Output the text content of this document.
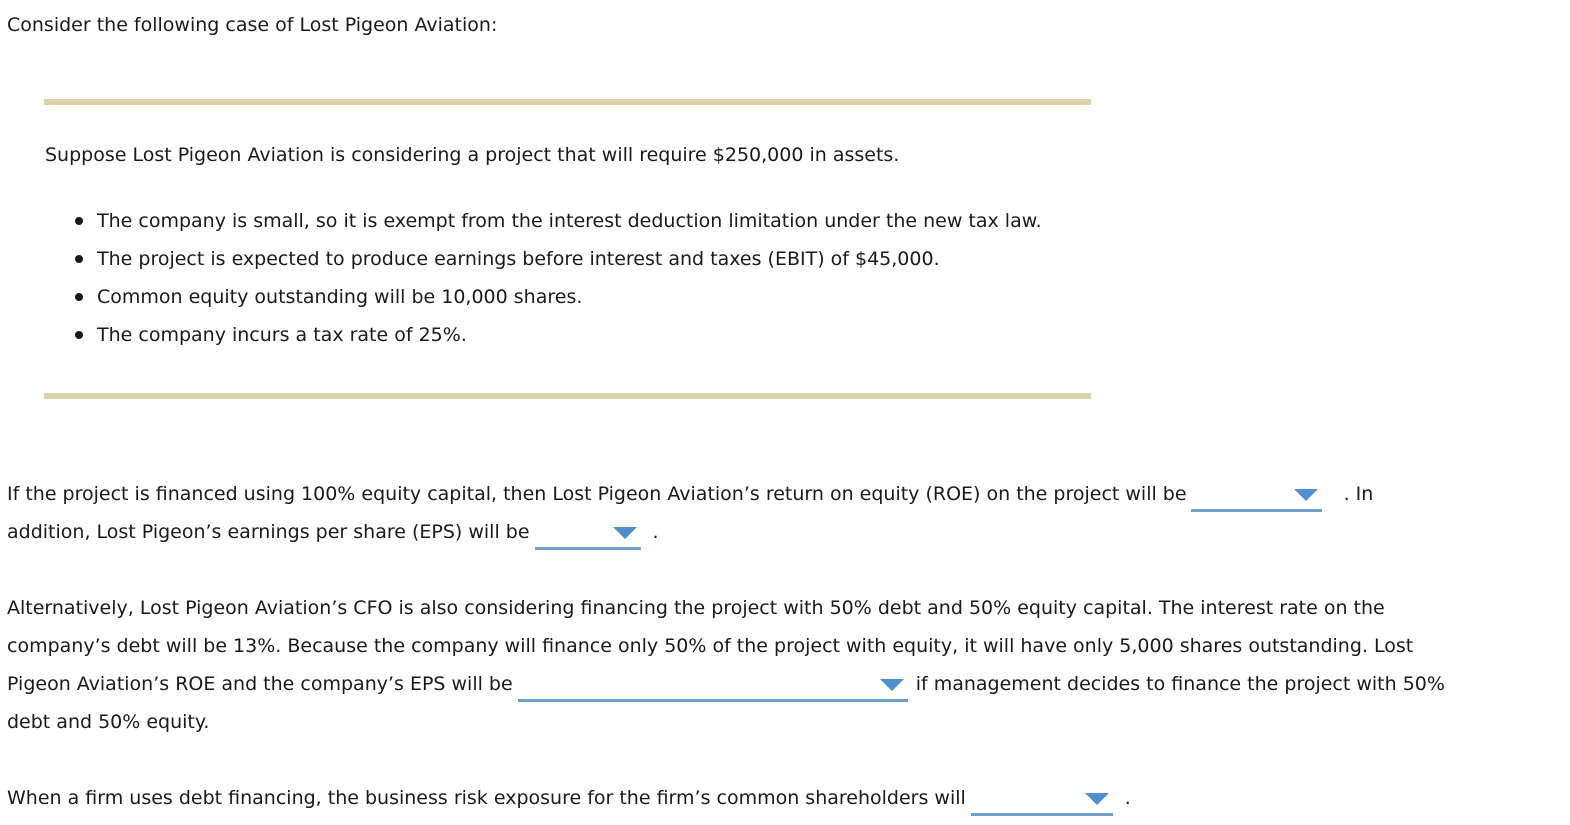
Consider the following case of Lost Pigeon Aviation:
Suppose Lost Pigeon Aviation is considering a project that will require $250,000 in assets.
The company is small, so it is exempt from the interest deduction limitation under the new tax law.
The project is expected to produce earnings before interest and taxes (EBIT) of $45,000.
Common equity outstanding will be 10,000 shares.
The company incurs a tax rate of 25%.
If the project is financed using 100% equity capital, then Lost Pigeon Aviation’s return on equity (ROE) on the project will be	. In
addition, Lost Pigeon’s earnings per share (EPS) will be	.
Alternatively, Lost Pigeon Aviation’s CFO is also considering financing the project with 50% debt and 50% equity capital. The interest rate on the
company’s debt will be 13%. Because the company will finance only 50% of the project with equity, it will have only 5,000 shares outstanding. Lost
Pigeon Aviation’s ROE and the company’s EPS will be	if management decides to finance the project with 50%
debt and 50% equity.
When a firm uses debt financing, the business risk exposure for the firm’s common shareholders will	.
